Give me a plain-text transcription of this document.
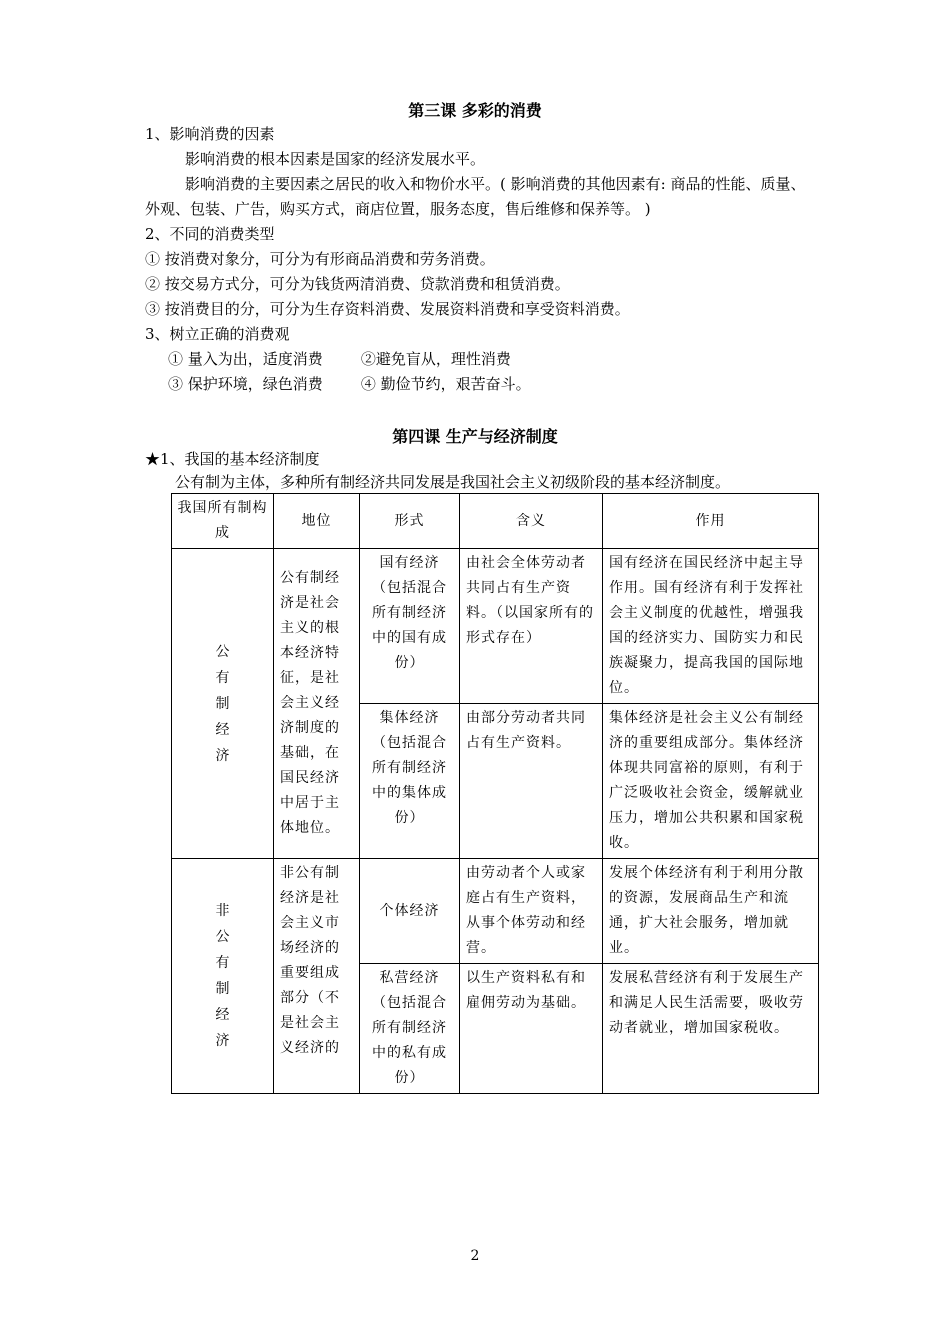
第三课 多彩的消费
1、影响消费的因素
影响消费的根本因素是国家的经济发展水平。
影响消费的主要因素之居民的收入和物价水平。( 影响消费的其他因素有: 商品的性能、质量、
外观、包装、广告，购买方式，商店位置，服务态度，售后维修和保养等。 )
2、不同的消费类型
① 按消费对象分，可分为有形商品消费和劳务消费。
② 按交易方式分，可分为钱货两清消费、贷款消费和租赁消费。
③ 按消费目的分，可分为生存资料消费、发展资料消费和享受资料消费。
3、树立正确的消费观
① 量入为出，适度消费        ②避免盲从，理性消费
③ 保护环境，绿色消费        ④ 勤俭节约，艰苦奋斗。
第四课 生产与经济制度
★1、我国的基本经济制度
公有制为主体，多种所有制经济共同发展是我国社会主义初级阶段的基本经济制度。
我国所有制构成	地位	形式	含义	作用

公有制经济	公有制经济是社会主义的根本经济特征，是社会主义经济制度的基础，在国民经济中居于主体地位。	国有经济（包括混合所有制经济中的国有成份）	由社会全体劳动者共同占有生产资料。（以国家所有的形式存在）	国有经济在国民经济中起主导作用。国有经济有利于发挥社会主义制度的优越性，增强我国的经济实力、国防实力和民族凝聚力，提高我国的国际地位。
		集体经济（包括混合所有制经济中的集体成份）	由部分劳动者共同占有生产资料。	集体经济是社会主义公有制经济的重要组成部分。集体经济体现共同富裕的原则，有利于广泛吸收社会资金，缓解就业压力，增加公共积累和国家税收。

非公有制经济	非公有制经济是社会主义市场经济的重要组成部分（不是社会主义经济的	个体经济	由劳动者个人或家庭占有生产资料，从事个体劳动和经营。	发展个体经济有利于利用分散的资源，发展商品生产和流通，扩大社会服务，增加就业。
		私营经济（包括混合所有制经济中的私有成份）	以生产资料私有和雇佣劳动为基础。	发展私营经济有利于发展生产和满足人民生活需要，吸收劳动者就业，增加国家税收。
2
